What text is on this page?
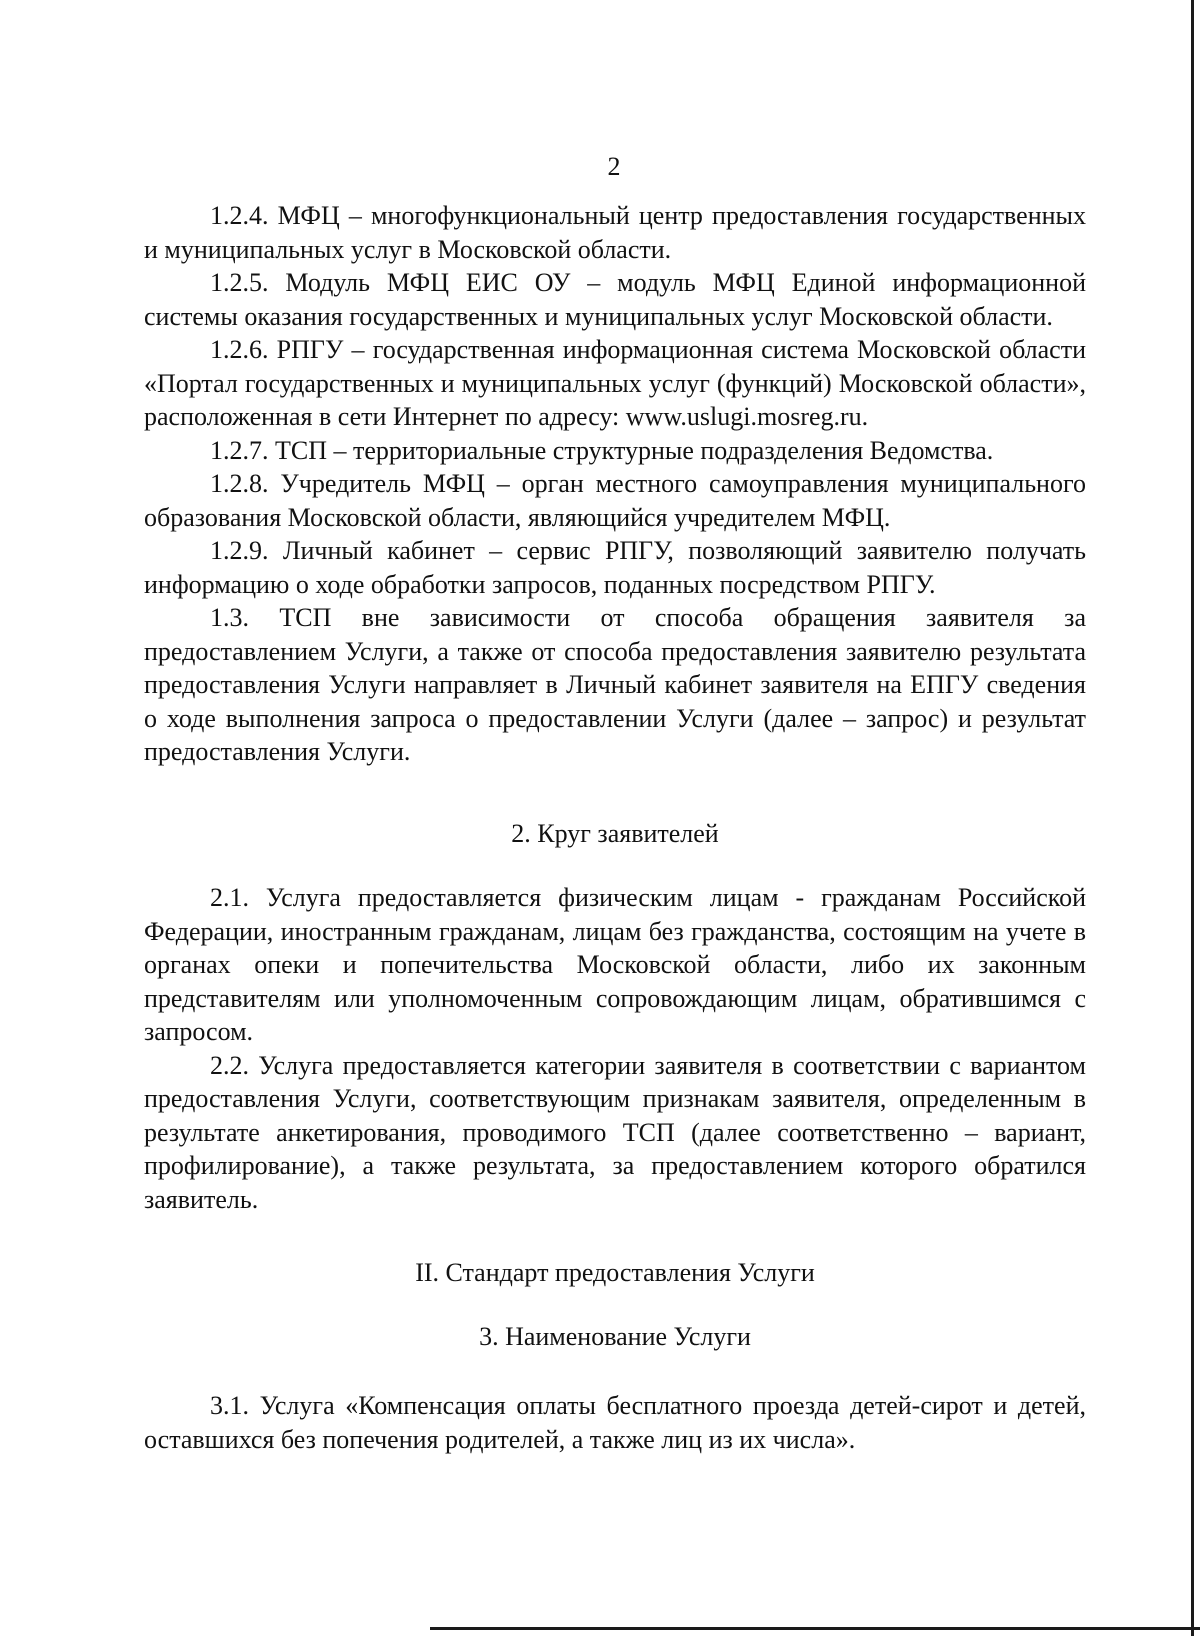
2

1.2.4. МФЦ – многофункциональный центр предоставления государственных и муниципальных услуг в Московской области.

1.2.5. Модуль МФЦ ЕИС ОУ – модуль МФЦ Единой информационной системы оказания государственных и муниципальных услуг Московской области.

1.2.6. РПГУ – государственная информационная система Московской области «Портал государственных и муниципальных услуг (функций) Московской области», расположенная в сети Интернет по адресу: www.uslugi.mosreg.ru.

1.2.7. ТСП – территориальные структурные подразделения Ведомства.

1.2.8. Учредитель МФЦ – орган местного самоуправления муниципального образования Московской области, являющийся учредителем МФЦ.

1.2.9. Личный кабинет – сервис РПГУ, позволяющий заявителю получать информацию о ходе обработки запросов, поданных посредством РПГУ.

1.3. ТСП вне зависимости от способа обращения заявителя за предоставлением Услуги, а также от способа предоставления заявителю результата предоставления Услуги направляет в Личный кабинет заявителя на ЕПГУ сведения о ходе выполнения запроса о предоставлении Услуги (далее – запрос) и результат предоставления Услуги.

2. Круг заявителей

2.1. Услуга предоставляется физическим лицам - гражданам Российской Федерации, иностранным гражданам, лицам без гражданства, состоящим на учете в органах опеки и попечительства Московской области, либо их законным представителям или уполномоченным сопровождающим лицам, обратившимся с запросом.

2.2. Услуга предоставляется категории заявителя в соответствии с вариантом предоставления Услуги, соответствующим признакам заявителя, определенным в результате анкетирования, проводимого ТСП (далее соответственно – вариант, профилирование), а также результата, за предоставлением которого обратился заявитель.

II. Стандарт предоставления Услуги
3. Наименование Услуги

3.1. Услуга «Компенсация оплаты бесплатного проезда детей-сирот и детей, оставшихся без попечения родителей, а также лиц из их числа».
